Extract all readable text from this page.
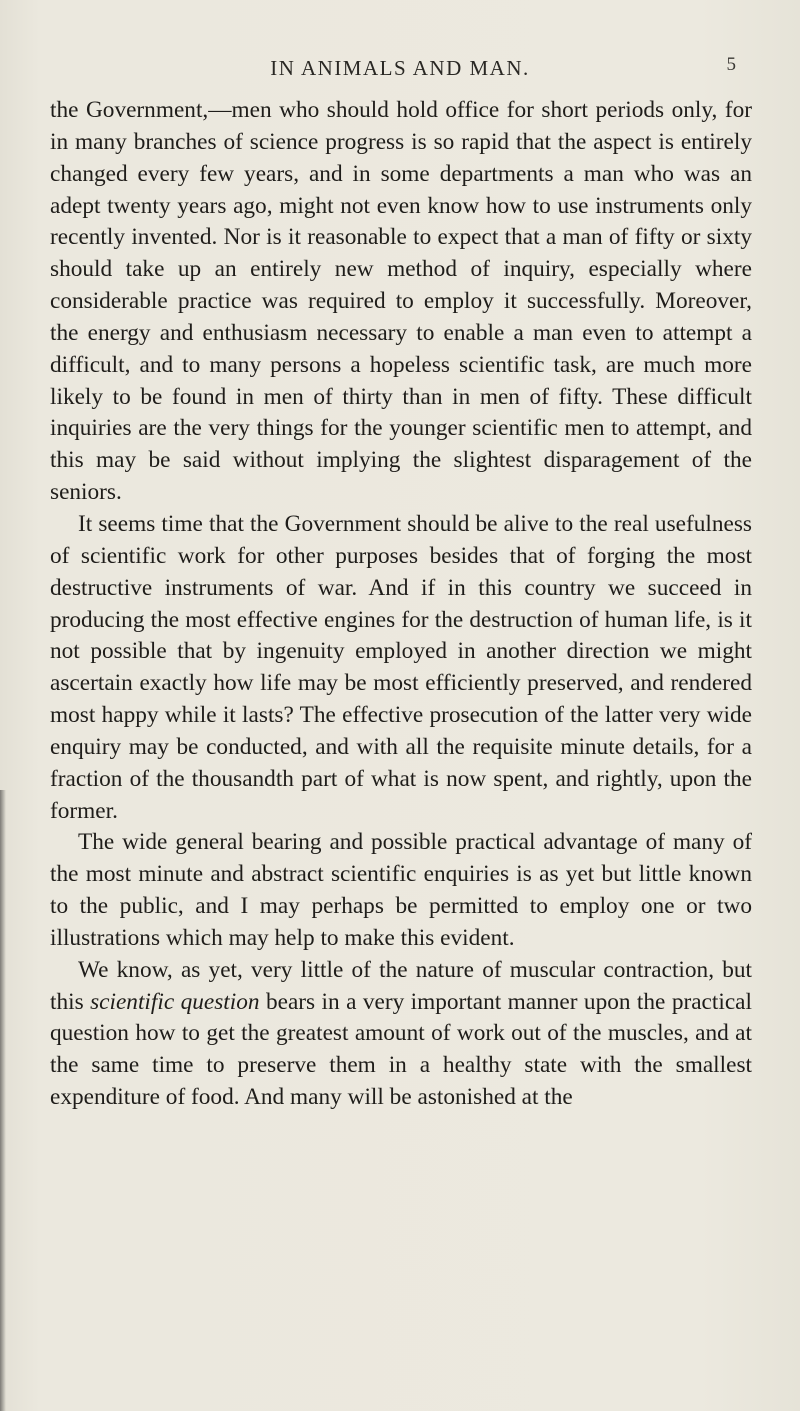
IN ANIMALS AND MAN.	5

the Government,—men who should hold office for short periods only, for in many branches of science progress is so rapid that the aspect is entirely changed every few years, and in some departments a man who was an adept twenty years ago, might not even know how to use instruments only recently invented. Nor is it reasonable to expect that a man of fifty or sixty should take up an entirely new method of inquiry, especially where considerable practice was required to employ it successfully. Moreover, the energy and enthusiasm necessary to enable a man even to attempt a difficult, and to many persons a hopeless scientific task, are much more likely to be found in men of thirty than in men of fifty. These difficult inquiries are the very things for the younger scientific men to attempt, and this may be said without implying the slightest disparagement of the seniors.

It seems time that the Government should be alive to the real usefulness of scientific work for other purposes besides that of forging the most destructive instruments of war. And if in this country we succeed in producing the most effective engines for the destruction of human life, is it not possible that by ingenuity employed in another direction we might ascertain exactly how life may be most efficiently preserved, and rendered most happy while it lasts? The effective prosecution of the latter very wide enquiry may be conducted, and with all the requisite minute details, for a fraction of the thousandth part of what is now spent, and rightly, upon the former.

The wide general bearing and possible practical advantage of many of the most minute and abstract scientific enquiries is as yet but little known to the public, and I may perhaps be permitted to employ one or two illustrations which may help to make this evident.

We know, as yet, very little of the nature of muscular contraction, but this scientific question bears in a very important manner upon the practical question how to get the greatest amount of work out of the muscles, and at the same time to preserve them in a healthy state with the smallest expenditure of food. And many will be astonished at the
